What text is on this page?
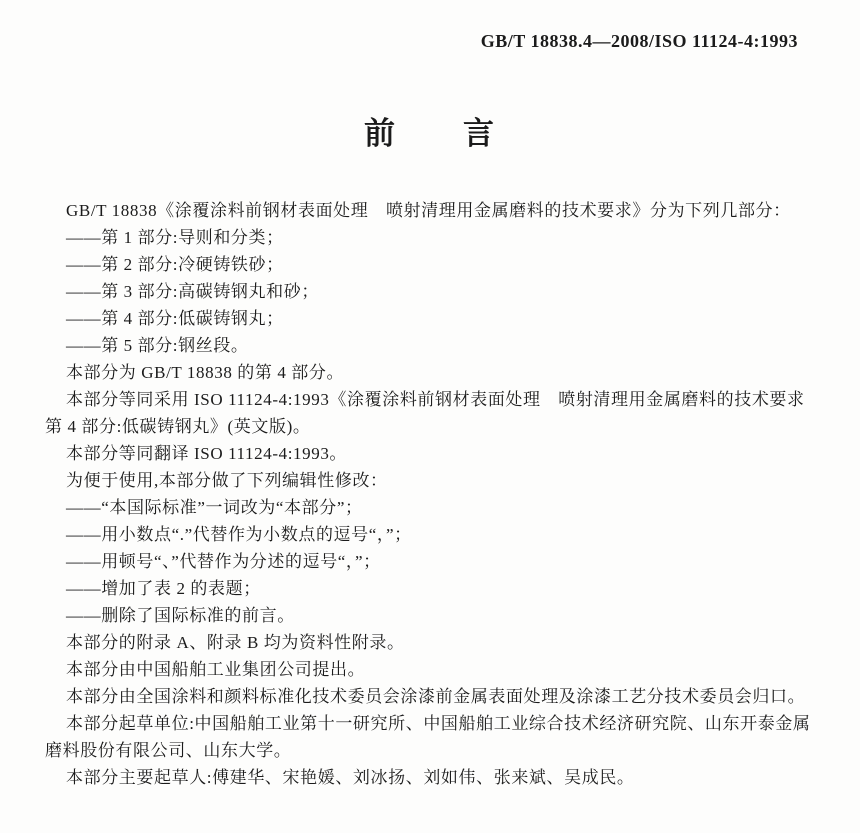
GB/T 18838.4—2008/ISO 11124-4:1993
前　　言
GB/T 18838《涂覆涂料前钢材表面处理　喷射清理用金属磨料的技术要求》分为下列几部分：
——第 1 部分:导则和分类；
——第 2 部分:冷硬铸铁砂；
——第 3 部分:高碳铸钢丸和砂；
——第 4 部分:低碳铸钢丸；
——第 5 部分:钢丝段。
本部分为 GB/T 18838 的第 4 部分。
本部分等同采用 ISO 11124-4:1993《涂覆涂料前钢材表面处理　喷射清理用金属磨料的技术要求
第 4 部分:低碳铸钢丸》(英文版)。
本部分等同翻译 ISO 11124-4:1993。
为便于使用,本部分做了下列编辑性修改：
——“本国际标准”一词改为“本部分”；
——用小数点“.”代替作为小数点的逗号“，”；
——用顿号“、”代替作为分述的逗号“，”；
——增加了表 2 的表题；
——删除了国际标准的前言。
本部分的附录 A、附录 B 均为资料性附录。
本部分由中国船舶工业集团公司提出。
本部分由全国涂料和颜料标准化技术委员会涂漆前金属表面处理及涂漆工艺分技术委员会归口。
本部分起草单位:中国船舶工业第十一研究所、中国船舶工业综合技术经济研究院、山东开泰金属
磨料股份有限公司、山东大学。
本部分主要起草人:傅建华、宋艳媛、刘冰扬、刘如伟、张来斌、吴成民。
